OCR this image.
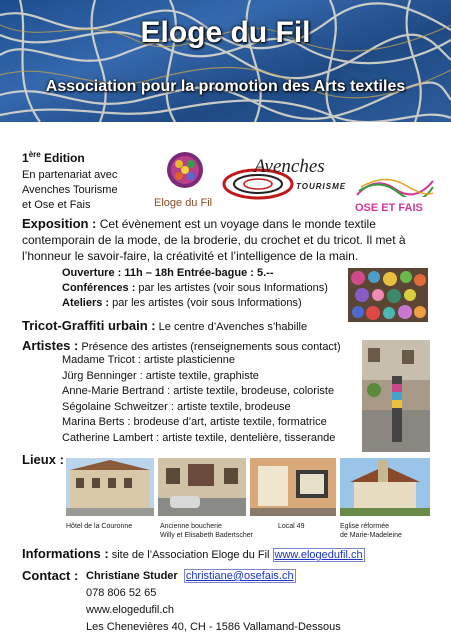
Eloge du Fil
Association pour la promotion des Arts textiles
1ère Edition
En partenariat avec
Avenches Tourisme
et Ose et Fais	Eloge du Fil
Avenches
TOURISME
OSE ET FAIS
Exposition : Cet évènement est un voyage dans le monde textile
contemporain de la mode, de la broderie, du crochet et du tricot. Il met à
l’honneur le savoir-faire, la créativité et l’intelligence de la main.
Ouverture : 11h – 18h Entrée-bague : 5.--
Conférences : par les artistes (voir sous Informations)
Ateliers : par les artistes (voir sous Informations)
Tricot-Graffiti urbain : Le centre d’Avenches s’habille
Artistes : Présence des artistes (renseignements sous contact)
Madame Tricot : artiste plasticienne
Jürg Benninger : artiste textile, graphiste
Anne-Marie Bertrand : artiste textile, brodeuse, coloriste
Ségolaine Schweitzer : artiste textile, brodeuse
Marina Berts : brodeuse d’art, artiste textile, formatrice
Catherine Lambert : artiste textile, dentelière, tisserande
Lieux :
Hôtel de la Couronne	Ancienne boucherie
Willy et Elisabeth Badertscher
Local 49	Eglise réformée
de Marie-Madeleine
Informations : site de l’Association Eloge du Fil www.elogedufil.ch
Contact : Christiane Studer christiane@osefais.ch
078 806 52 65
www.elogedufil.ch
Les Chenevières 40, CH - 1586 Vallamand-Dessous
